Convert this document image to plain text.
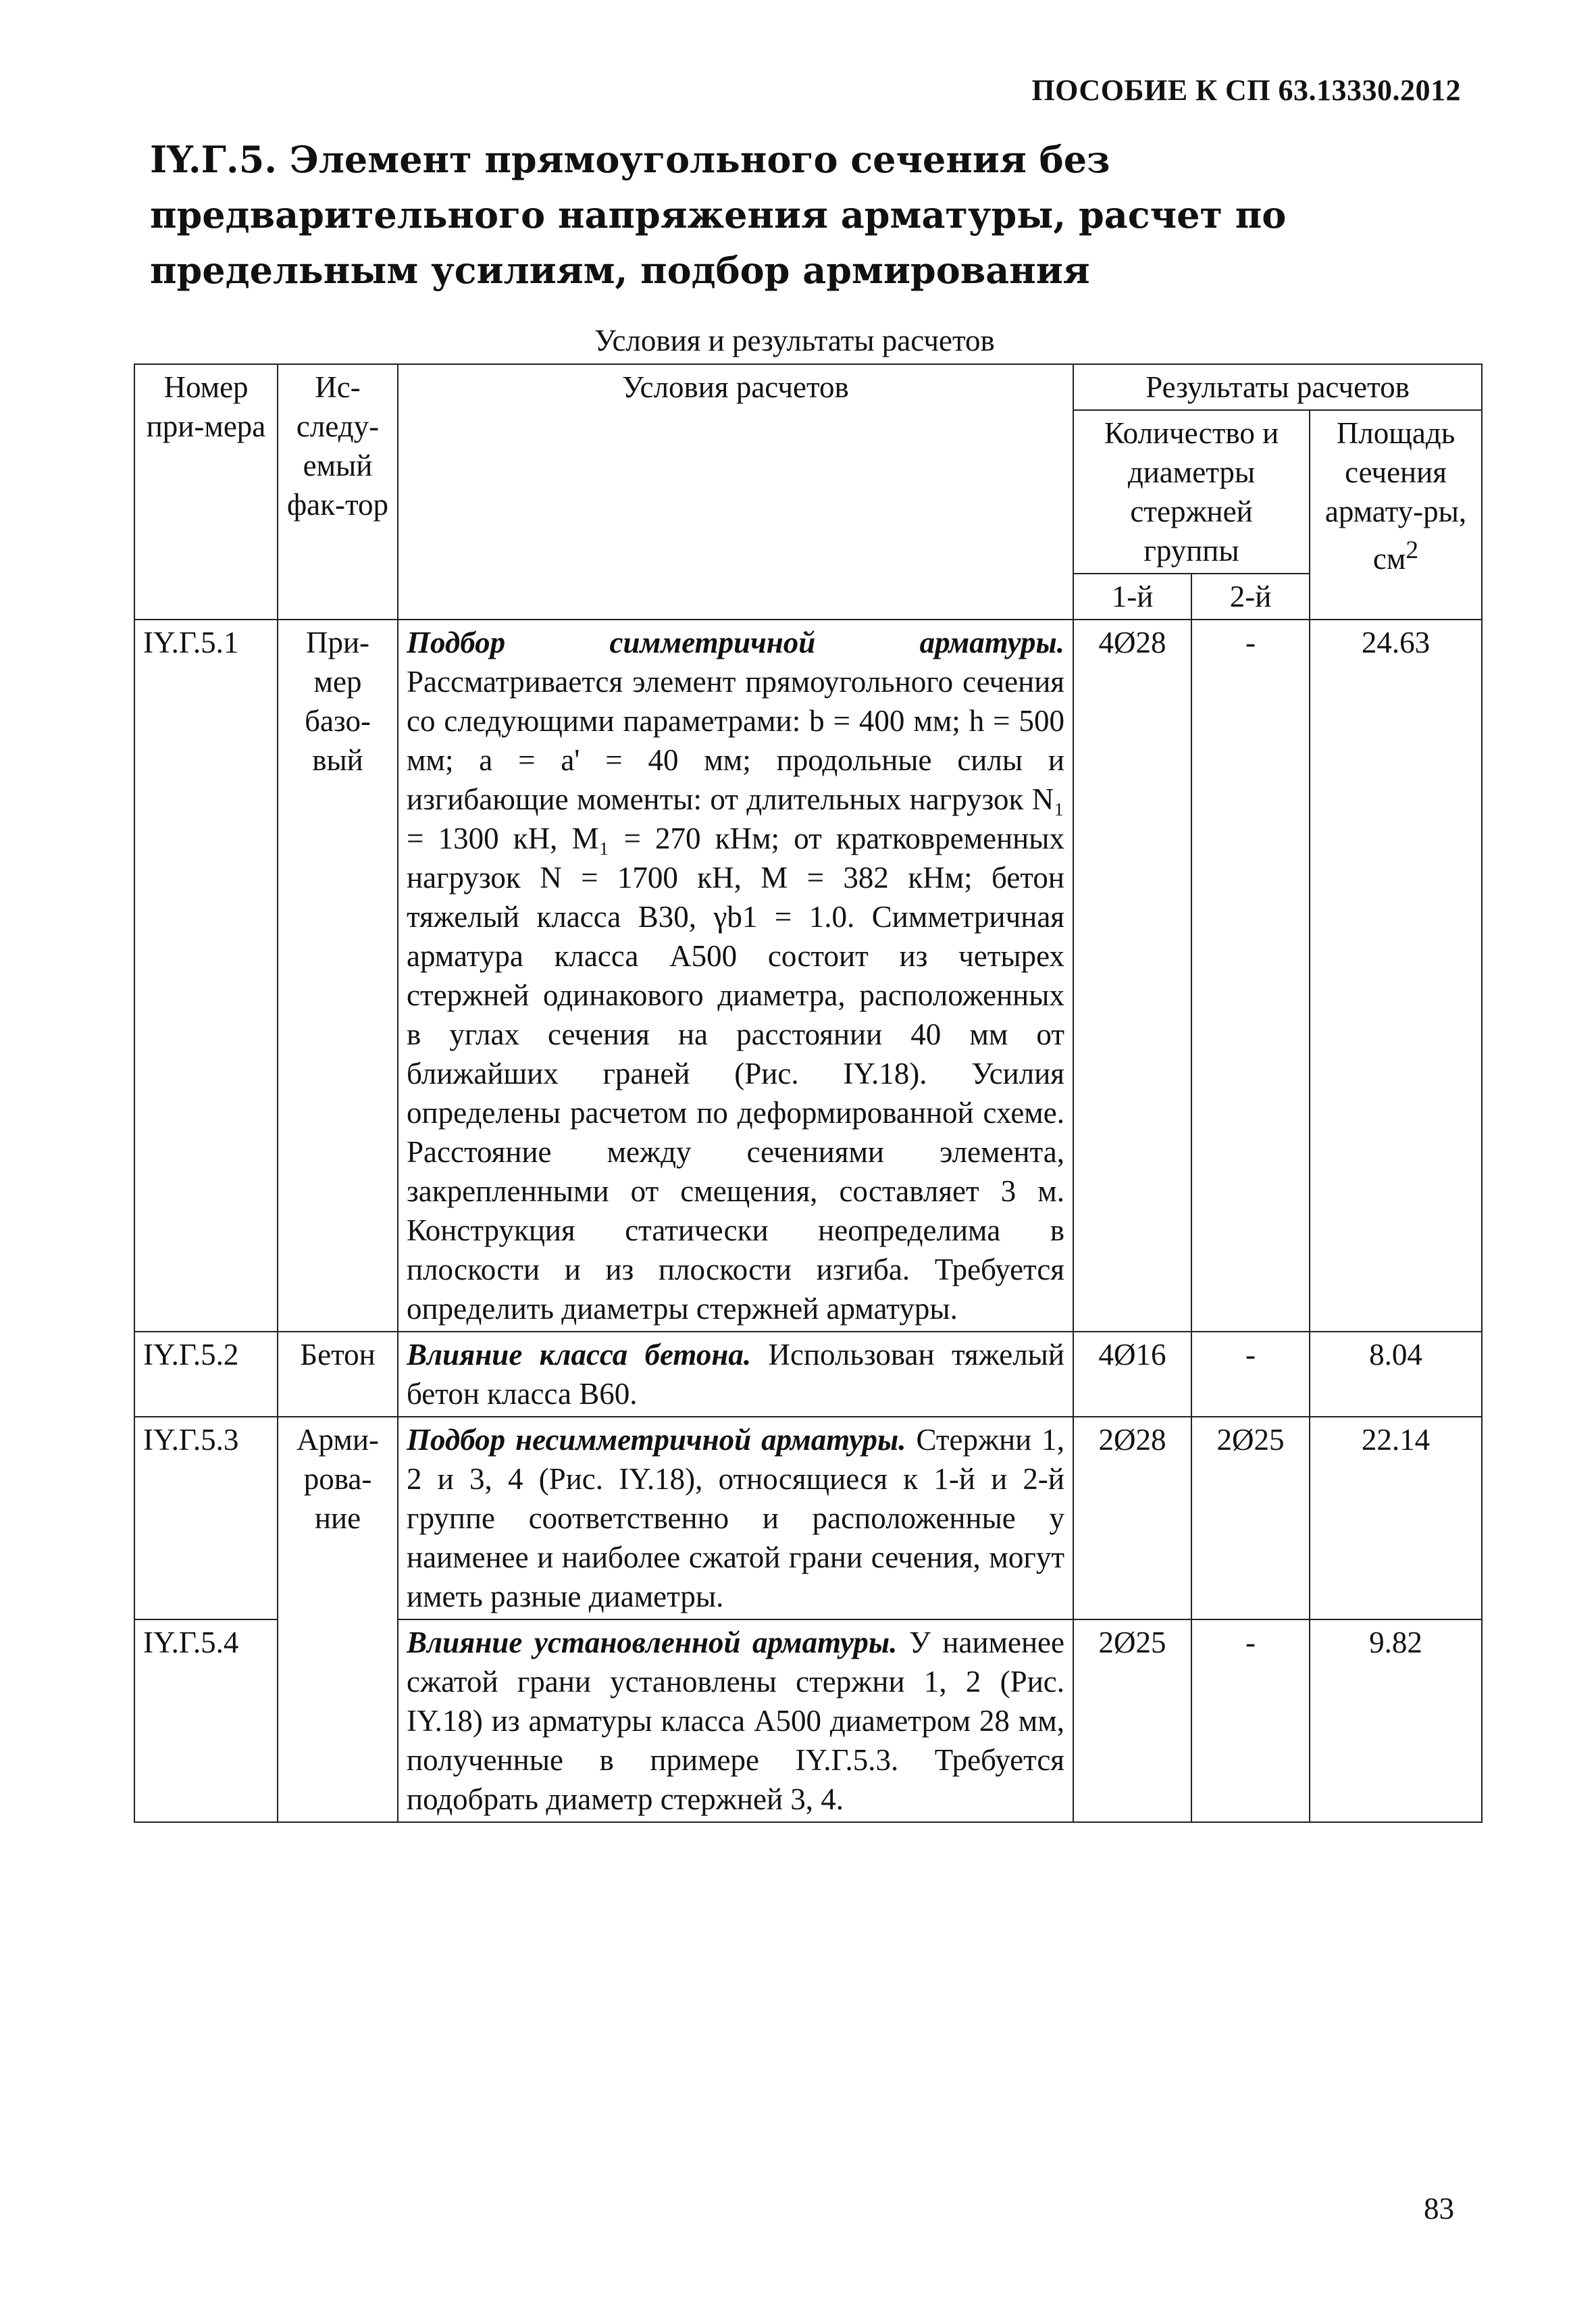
ПОСОБИЕ К СП 63.13330.2012
IY.Г.5. Элемент прямоугольного сечения без предварительного напряжения арматуры, расчет по предельным усилиям, подбор армирования
Условия и результаты расчетов
Номер при-мера	Ис-следу-емый фак-тор	Условия расчетов	Результаты расчетов		
			Количество и диаметры стержней группы		Площадь сечения армату-ры, $см^2$
			1-й	2-й	
IY.Г.5.1	При-мер базо-вый	Подбор симметричной арматуры. Рассматривается элемент прямоугольного сечения со следующими параметрами: b = 400 мм; h = 500 мм; a = a' = 40 мм; продольные силы и изгибающие моменты: от длительных нагрузок N₁ = 1300 кН, M₁ = 270 кНм; от кратковременных нагрузок N = 1700 кН, M = 382 кНм; бетон тяжелый класса В30, γb1 = 1.0. Симметричная арматура класса А500 состоит из четырех стержней одинакового диаметра, расположенных в углах сечения на расстоянии 40 мм от ближайших граней (Рис. IY.18). Усилия определены расчетом по деформированной схеме. Расстояние между сечениями элемента, закрепленными от смещения, составляет 3 м. Конструкция статически неопределима в плоскости и из плоскости изгиба. Требуется определить диаметры стержней арматуры.	4Ø28	-	24.63
IY.Г.5.2	Бетон	Влияние класса бетона. Использован тяжелый бетон класса В60.	4Ø16	-	8.04
IY.Г.5.3	Арми-рова-ние	Подбор несимметричной арматуры. Стержни 1, 2 и 3, 4 (Рис. IY.18), относящиеся к 1-й и 2-й группе соответственно и расположенные у наименее и наиболее сжатой грани сечения, могут иметь разные диаметры.	2Ø28	2Ø25	22.14
IY.Г.5.4		Влияние установленной арматуры. У наименее сжатой грани установлены стержни 1, 2 (Рис. IY.18) из арматуры класса А500 диаметром 28 мм, полученные в примере IY.Г.5.3. Требуется подобрать диаметр стержней 3, 4.	2Ø25	-	9.82
83
